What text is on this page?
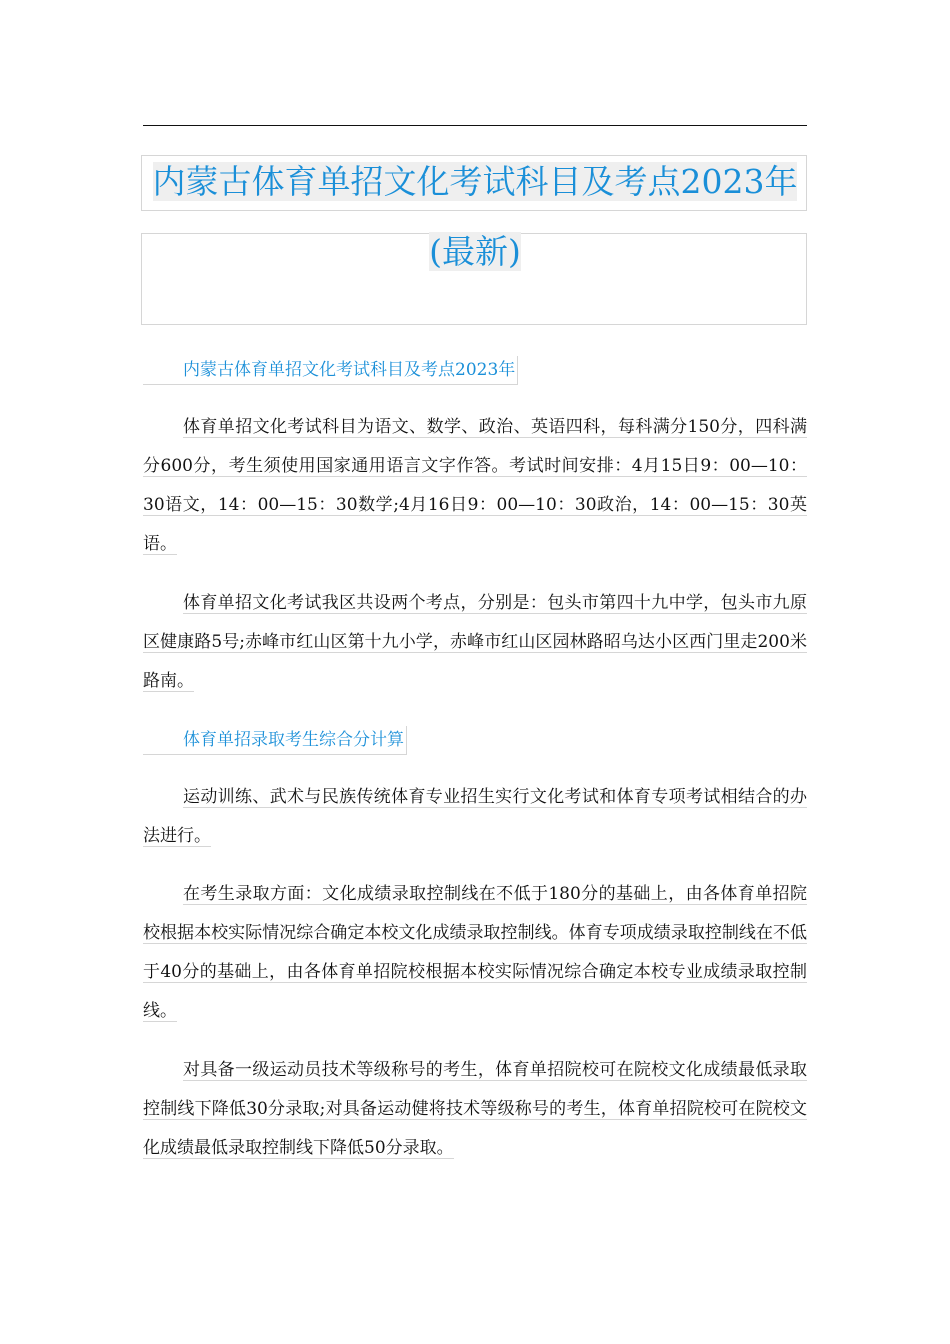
内蒙古体育单招文化考试科目及考点2023年(最新)
内蒙古体育单招文化考试科目及考点2023年

体育单招文化考试科目为语文、数学、政治、英语四科，每科满分150分，四科满分600分，考生须使用国家通用语言文字作答。考试时间安排：4月15日9：00—10：30语文，14：00—15：30数学;4月16日9：00—10：30政治，14：00—15：30英语。

体育单招文化考试我区共设两个考点，分别是：包头市第四十九中学，包头市九原区健康路5号;赤峰市红山区第十九小学，赤峰市红山区园林路昭乌达小区西门里走200米路南。

体育单招录取考生综合分计算

运动训练、武术与民族传统体育专业招生实行文化考试和体育专项考试相结合的办法进行。

在考生录取方面：文化成绩录取控制线在不低于180分的基础上，由各体育单招院校根据本校实际情况综合确定本校文化成绩录取控制线。体育专项成绩录取控制线在不低于40分的基础上，由各体育单招院校根据本校实际情况综合确定本校专业成绩录取控制线。

对具备一级运动员技术等级称号的考生，体育单招院校可在院校文化成绩最低录取控制线下降低30分录取;对具备运动健将技术等级称号的考生，体育单招院校可在院校文化成绩最低录取控制线下降低50分录取。
